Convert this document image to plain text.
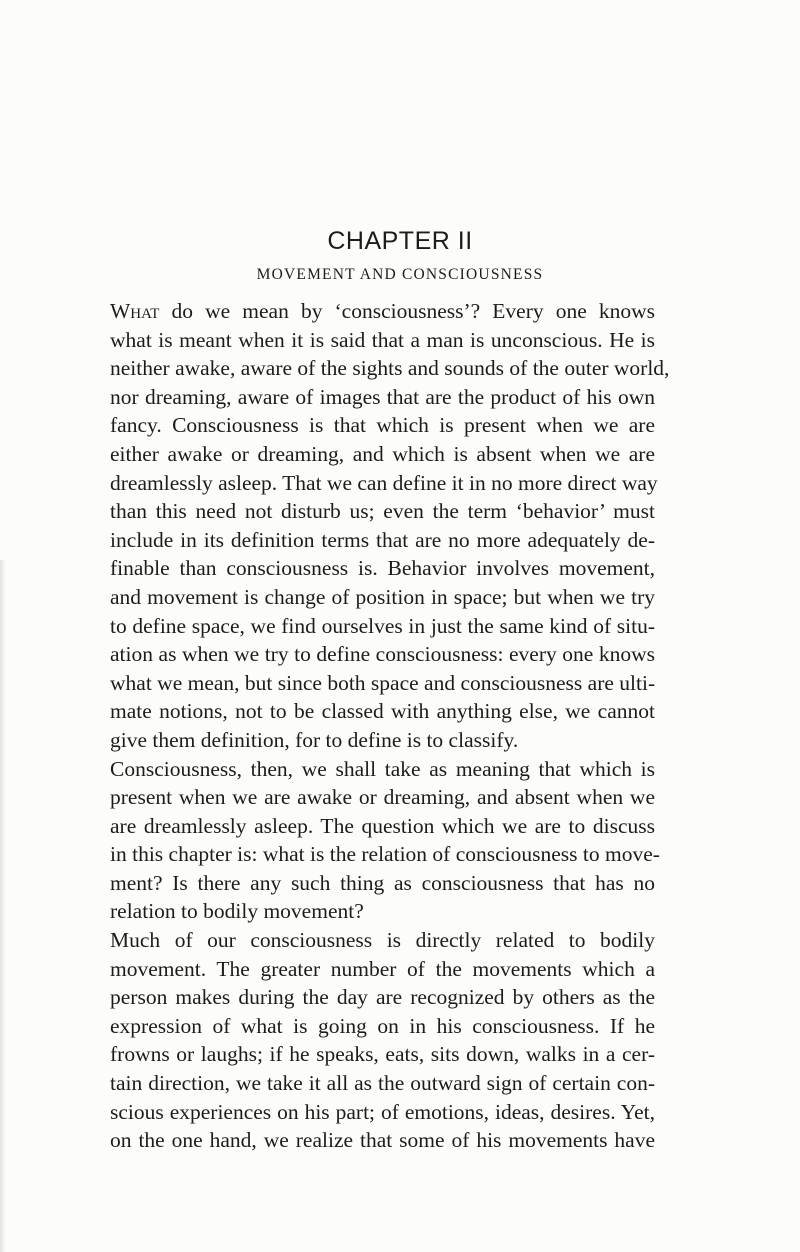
CHAPTER II
MOVEMENT AND CONSCIOUSNESS
What do we mean by ‘consciousness’? Every one knows
what is meant when it is said that a man is unconscious. He is
neither awake, aware of the sights and sounds of the outer world,
nor dreaming, aware of images that are the product of his own
fancy. Consciousness is that which is present when we are
either awake or dreaming, and which is absent when we are
dreamlessly asleep. That we can define it in no more direct way
than this need not disturb us; even the term ‘behavior’ must
include in its definition terms that are no more adequately de-
finable than consciousness is. Behavior involves movement,
and movement is change of position in space; but when we try
to define space, we find ourselves in just the same kind of situ-
ation as when we try to define consciousness: every one knows
what we mean, but since both space and consciousness are ulti-
mate notions, not to be classed with anything else, we cannot
give them definition, for to define is to classify.
Consciousness, then, we shall take as meaning that which is
present when we are awake or dreaming, and absent when we
are dreamlessly asleep. The question which we are to discuss
in this chapter is: what is the relation of consciousness to move-
ment? Is there any such thing as consciousness that has no
relation to bodily movement?
Much of our consciousness is directly related to bodily
movement. The greater number of the movements which a
person makes during the day are recognized by others as the
expression of what is going on in his consciousness. If he
frowns or laughs; if he speaks, eats, sits down, walks in a cer-
tain direction, we take it all as the outward sign of certain con-
scious experiences on his part; of emotions, ideas, desires. Yet,
on the one hand, we realize that some of his movements have
